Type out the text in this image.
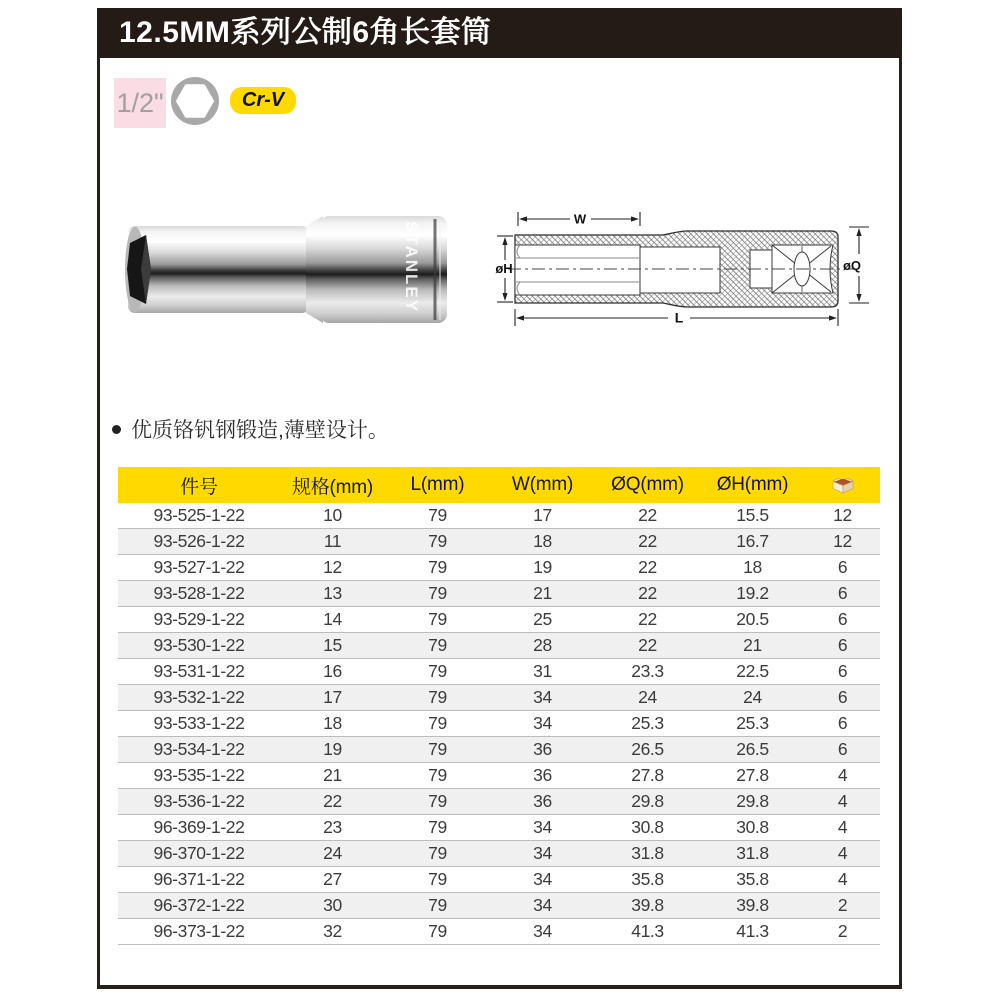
12.5MM系列公制6角长套筒
1/2"	Cr-V
STANLEY
W
L
øH	øQ
优质铬钒钢锻造,薄壁设计。
件号	规格(mm)	L(mm)	W(mm)	ØQ(mm)	ØH(mm)	

93-525-1-22	10	79	17	22	15.5	12
93-526-1-22	11	79	18	22	16.7	12
93-527-1-22	12	79	19	22	18	6
93-528-1-22	13	79	21	22	19.2	6
93-529-1-22	14	79	25	22	20.5	6
93-530-1-22	15	79	28	22	21	6
93-531-1-22	16	79	31	23.3	22.5	6
93-532-1-22	17	79	34	24	24	6
93-533-1-22	18	79	34	25.3	25.3	6
93-534-1-22	19	79	36	26.5	26.5	6
93-535-1-22	21	79	36	27.8	27.8	4
93-536-1-22	22	79	36	29.8	29.8	4
96-369-1-22	23	79	34	30.8	30.8	4
96-370-1-22	24	79	34	31.8	31.8	4
96-371-1-22	27	79	34	35.8	35.8	4
96-372-1-22	30	79	34	39.8	39.8	2
96-373-1-22	32	79	34	41.3	41.3	2
